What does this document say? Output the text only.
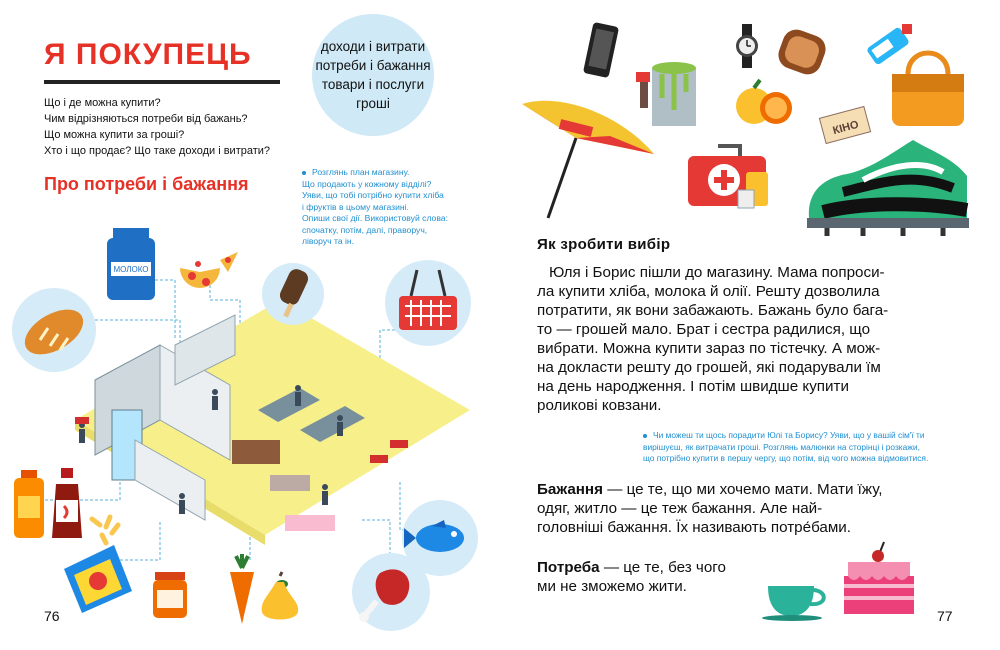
Я ПОКУПЕЦЬ
Що і де можна купити?
Чим відрізняються потреби від бажань?
Що можна купити за гроші?
Хто і що продає? Що таке доходи і витрати?
доходи і витрати
потреби і бажання
товари і послуги
гроші
Про потреби і бажання
Розглянь план магазину.
Що продають у кожному відділі?
Уяви, що тобі потрібно купити хліба
і фруктів в цьому магазині.
Опиши свої дії. Використовуй слова:
спочатку, потім, далі, праворуч,
ліворуч та ін.
МОЛОКО
76
КІНО
Як зробити вибір
Юля і Борис пішли до магазину. Мама попроси-
ла купити хліба, молока й олії. Решту дозволила
потратити, як вони забажають. Бажань було бага-
то — грошей мало. Брат і сестра радилися, що
вибрати. Можна купити зараз по тістечку. А мож-
на докласти решту до грошей, які подарували їм
на день народження. І потім швидше купити
роликові ковзани.
Чи можеш ти щось порадити Юлі та Борису? Уяви, що у вашій сім'ї ти
вирішуєш, як витрачати гроші. Розглянь малюнки на сторінці і розкажи,
що потрібно купити в першу чергу, що потім, від чого можна відмовитися.
Бажання — це те, що ми хочемо мати. Мати їжу,
одяг, житло — це теж бажання. Але най-
головніші бажання. Їх називають потре́бами.
Потреба — це те, без чого
ми не зможемо жити.
77
